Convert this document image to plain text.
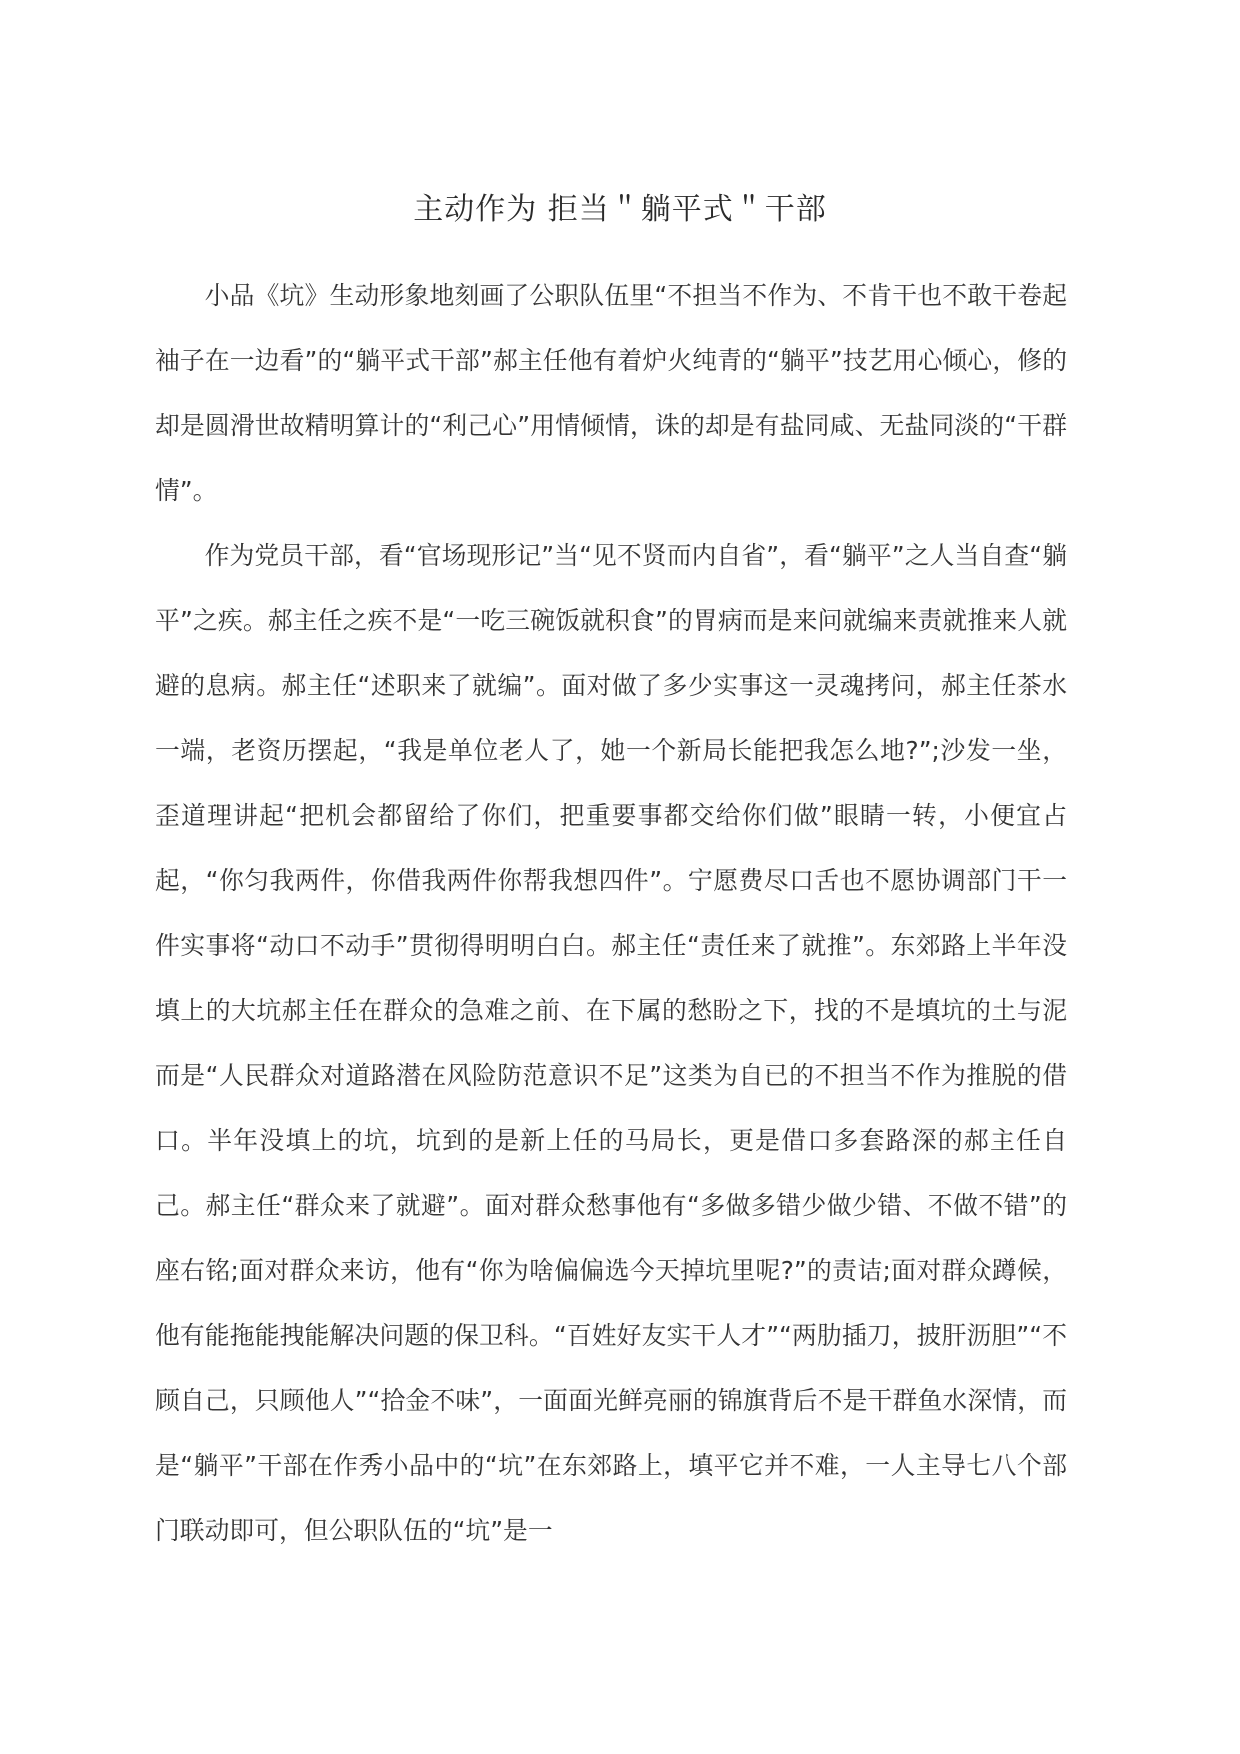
主动作为 拒当＂躺平式＂干部

小品《坑》生动形象地刻画了公职队伍里“不担当不作为、不肯干也不敢干卷起袖子在一边看”的“躺平式干部”郝主任他有着炉火纯青的“躺平”技艺用心倾心，修的却是圆滑世故精明算计的“利己心”用情倾情，诛的却是有盐同咸、无盐同淡的“干群情”。

作为党员干部，看“官场现形记”当“见不贤而内自省”，看“躺平”之人当自查“躺平”之疾。郝主任之疾不是“一吃三碗饭就积食”的胃病而是来问就编来责就推来人就避的息病。郝主任“述职来了就编”。面对做了多少实事这一灵魂拷问，郝主任茶水一端，老资历摆起，“我是单位老人了，她一个新局长能把我怎么地?”;沙发一坐，歪道理讲起“把机会都留给了你们，把重要事都交给你们做”眼睛一转，小便宜占起，“你匀我两件，你借我两件你帮我想四件”。宁愿费尽口舌也不愿协调部门干一件实事将“动口不动手”贯彻得明明白白。郝主任“责任来了就推”。东郊路上半年没填上的大坑郝主任在群众的急难之前、在下属的愁盼之下，找的不是填坑的土与泥而是“人民群众对道路潜在风险防范意识不足”这类为自已的不担当不作为推脱的借口。半年没填上的坑，坑到的是新上任的马局长，更是借口多套路深的郝主任自己。郝主任“群众来了就避”。面对群众愁事他有“多做多错少做少错、不做不错”的座右铭;面对群众来访，他有“你为啥偏偏选今天掉坑里呢?”的责诘;面对群众蹲候，他有能拖能拽能解决问题的保卫科。“百姓好友实干人才”“两肋插刀，披肝沥胆”“不顾自己，只顾他人”“拾金不味”，一面面光鲜亮丽的锦旗背后不是干群鱼水深情，而是“躺平”干部在作秀小品中的“坑”在东郊路上，填平它并不难，一人主导七八个部门联动即可，但公职队伍的“坑”是一
